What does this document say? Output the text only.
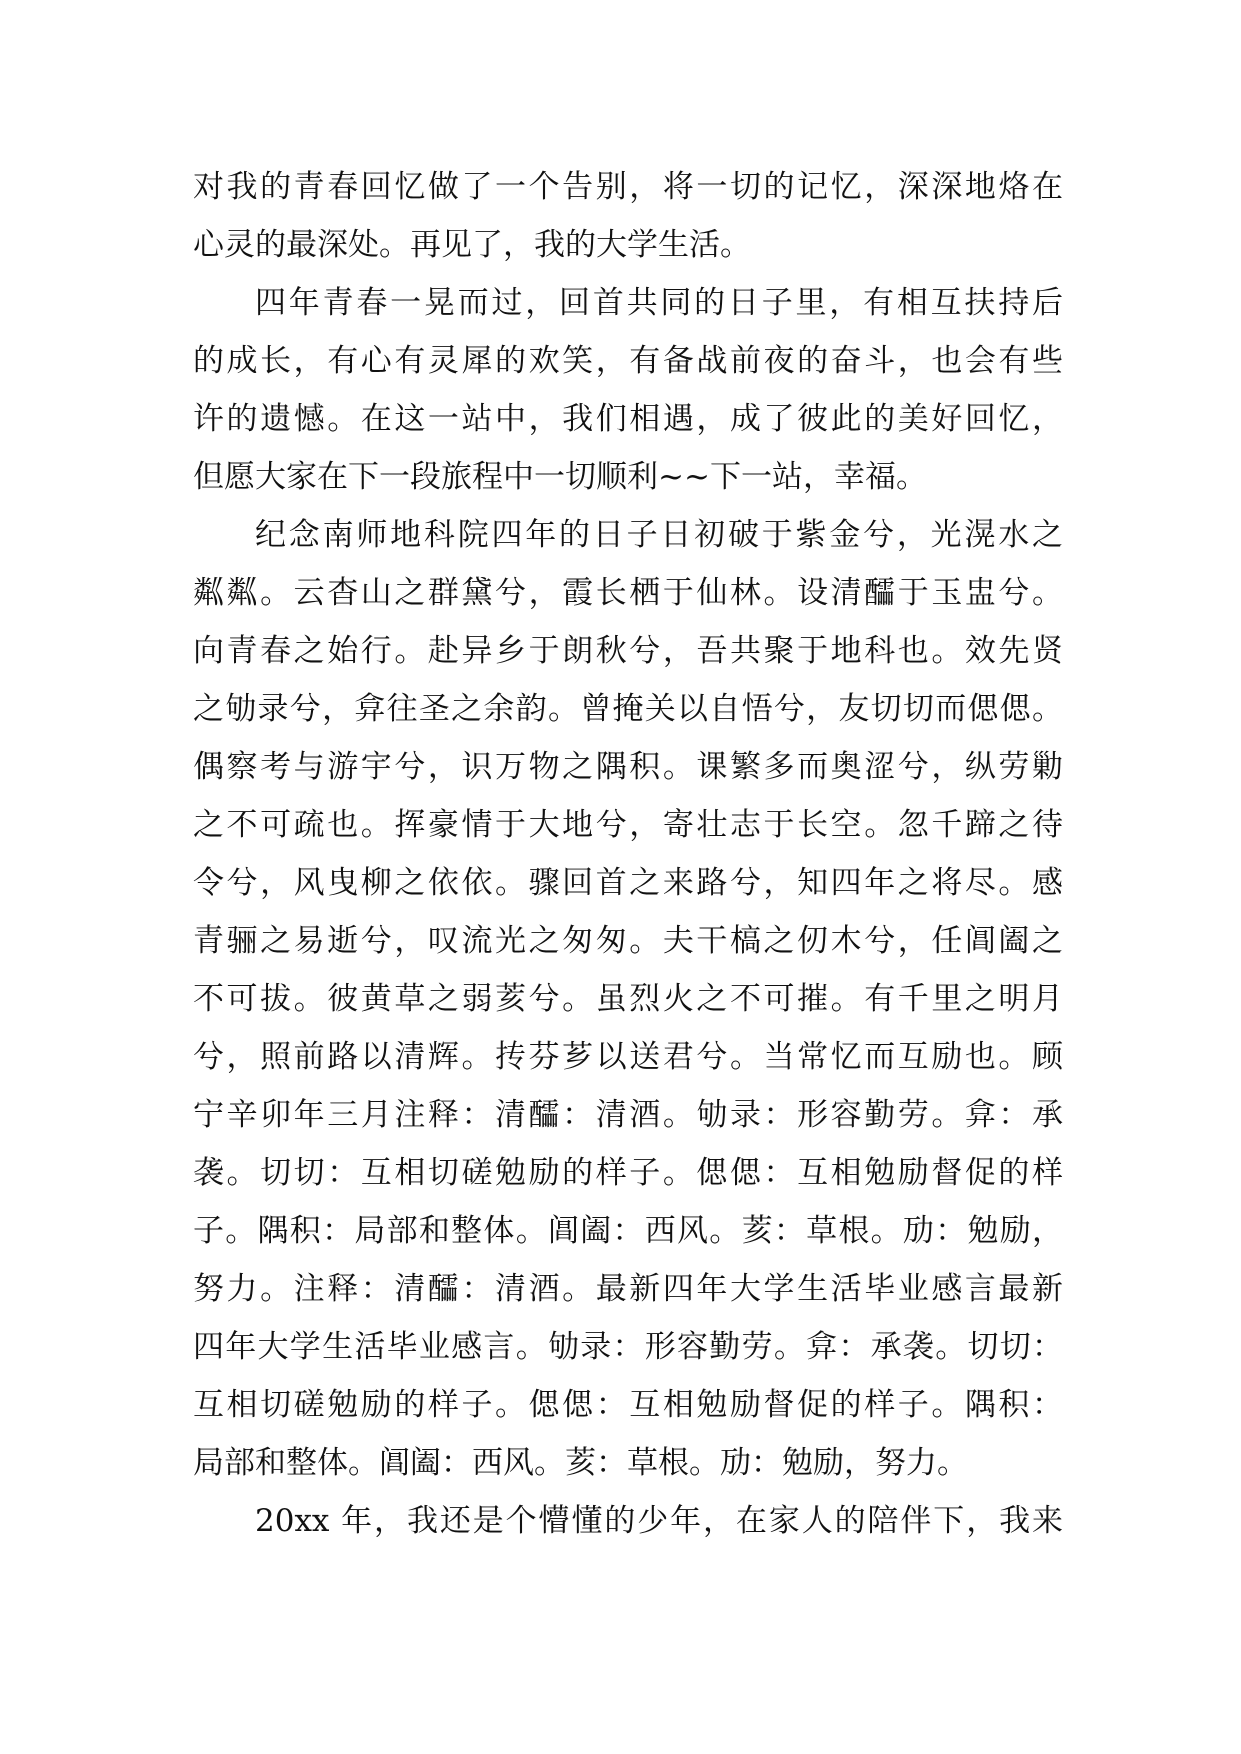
对我的青春回忆做了一个告别，将一切的记忆，深深地烙在
心灵的最深处。再见了，我的大学生活。
四年青春一晃而过，回首共同的日子里，有相互扶持后
的成长，有心有灵犀的欢笑，有备战前夜的奋斗，也会有些
许的遗憾。在这一站中，我们相遇，成了彼此的美好回忆，
但愿大家在下一段旅程中一切顺利~~下一站，幸福。
纪念南师地科院四年的日子日初破于紫金兮，光滉水之
粼粼。云杳山之群黛兮，霞长栖于仙林。设清醽于玉盅兮。
向青春之始行。赴异乡于朗秋兮，吾共聚于地科也。效先贤
之劬录兮，弇往圣之余韵。曾掩关以自悟兮，友切切而偲偲。
偶察考与游宇兮，识万物之隅积。课繁多而奥涩兮，纵劳勦
之不可疏也。挥豪情于大地兮，寄壮志于长空。忽千蹄之待
令兮，风曳柳之依依。骤回首之来路兮，知四年之将尽。感
青骊之易逝兮，叹流光之匆匆。夫干槁之仞木兮，任阊阖之
不可拔。彼黄草之弱荄兮。虽烈火之不可摧。有千里之明月
兮，照前路以清辉。抟芬芗以送君兮。当常忆而互励也。顾
宁辛卯年三月注释：清醽：清酒。劬录：形容勤劳。弇：承
袭。切切：互相切磋勉励的样子。偲偲：互相勉励督促的样
子。隅积：局部和整体。阊阖：西风。荄：草根。劢：勉励，
努力。注释：清醽：清酒。最新四年大学生活毕业感言最新
四年大学生活毕业感言。劬录：形容勤劳。弇：承袭。切切：
互相切磋勉励的样子。偲偲：互相勉励督促的样子。隅积：
局部和整体。阊阖：西风。荄：草根。劢：勉励，努力。
20xx 年，我还是个懵懂的少年，在家人的陪伴下，我来
